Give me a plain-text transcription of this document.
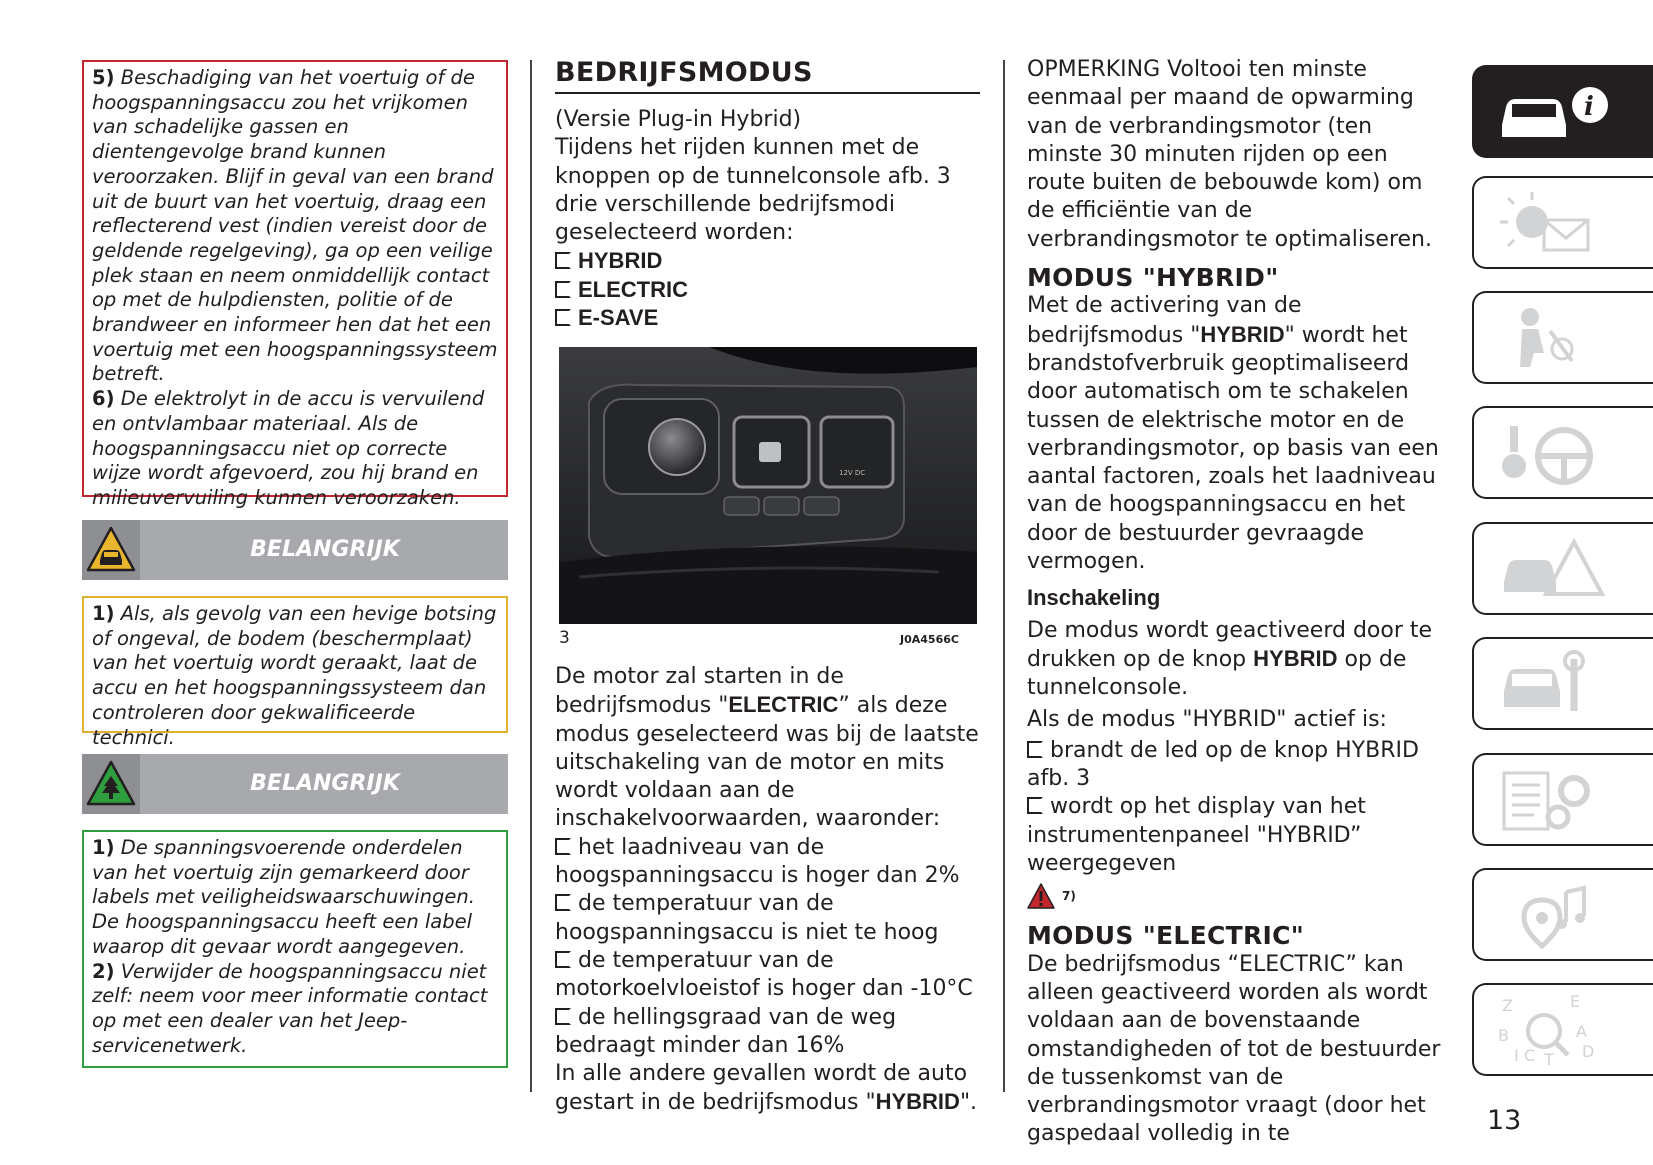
5) Beschadiging van het voertuig of de hoogspanningsaccu zou het vrijkomen van schadelijke gassen en dientengevolge brand kunnen veroorzaken. Blijf in geval van een brand uit de buurt van het voertuig, draag een reflecterend vest (indien vereist door de geldende regelgeving), ga op een veilige plek staan en neem onmiddellijk contact op met de hulpdiensten, politie of de brandweer en informeer hen dat het een voertuig met een hoogspanningssysteem betreft.

6) De elektrolyt in de accu is vervuilend en ontvlambaar materiaal. Als de hoogspanningsaccu niet op correcte wijze wordt afgevoerd, zou hij brand en milieuvervuiling kunnen veroorzaken.

BELANGRIJK

1) Als, als gevolg van een hevige botsing of ongeval, de bodem (beschermplaat) van het voertuig wordt geraakt, laat de accu en het hoogspanningssysteem dan controleren door gekwalificeerde technici.

BELANGRIJK

1) De spanningsvoerende onderdelen van het voertuig zijn gemarkeerd door labels met veiligheidswaarschuwingen. De hoogspanningsaccu heeft een label waarop dit gevaar wordt aangegeven.

2) Verwijder de hoogspanningsaccu niet zelf: neem voor meer informatie contact op met een dealer van het Jeep-servicenetwerk.

BEDRIJFSMODUS

(Versie Plug-in Hybrid)

Tijdens het rijden kunnen met de knoppen op de tunnelconsole afb. 3 drie verschillende bedrijfsmodi geselecteerd worden:

HYBRID

ELECTRIC

E-SAVE

12V DC
3	J0A4566C

De motor zal starten in de bedrijfsmodus "ELECTRIC” als deze modus geselecteerd was bij de laatste uitschakeling van de motor en mits wordt voldaan aan de inschakelvoorwaarden, waaronder:

het laadniveau van de hoogspanningsaccu is hoger dan 2%

de temperatuur van de hoogspanningsaccu is niet te hoog

de temperatuur van de motorkoelvloeistof is hoger dan -10°C

de hellingsgraad van de weg bedraagt minder dan 16%

In alle andere gevallen wordt de auto gestart in de bedrijfsmodus "HYBRID".

OPMERKING Voltooi ten minste eenmaal per maand de opwarming van de verbrandingsmotor (ten minste 30 minuten rijden op een route buiten de bebouwde kom) om de efficiëntie van de verbrandingsmotor te optimaliseren.

MODUS "HYBRID"

Met de activering van de bedrijfsmodus "HYBRID" wordt het brandstofverbruik geoptimaliseerd door automatisch om te schakelen tussen de elektrische motor en de verbrandingsmotor, op basis van een aantal factoren, zoals het laadniveau van de hoogspanningsaccu en het door de bestuurder gevraagde vermogen.

Inschakeling

De modus wordt geactiveerd door te drukken op de knop HYBRID op de tunnelconsole.

Als de modus "HYBRID" actief is:

brandt de led op de knop HYBRID afb. 3

wordt op het display van het instrumentenpaneel "HYBRID” weergegeven

7)

MODUS "ELECTRIC"

De bedrijfsmodus “ELECTRIC” kan alleen geactiveerd worden als wordt voldaan aan de bovenstaande omstandigheden of tot de bestuurder de tussenkomst van de verbrandingsmotor vraagt (door het gaspedaal volledig in te

i
Z	E
B	A
I C T D
13
